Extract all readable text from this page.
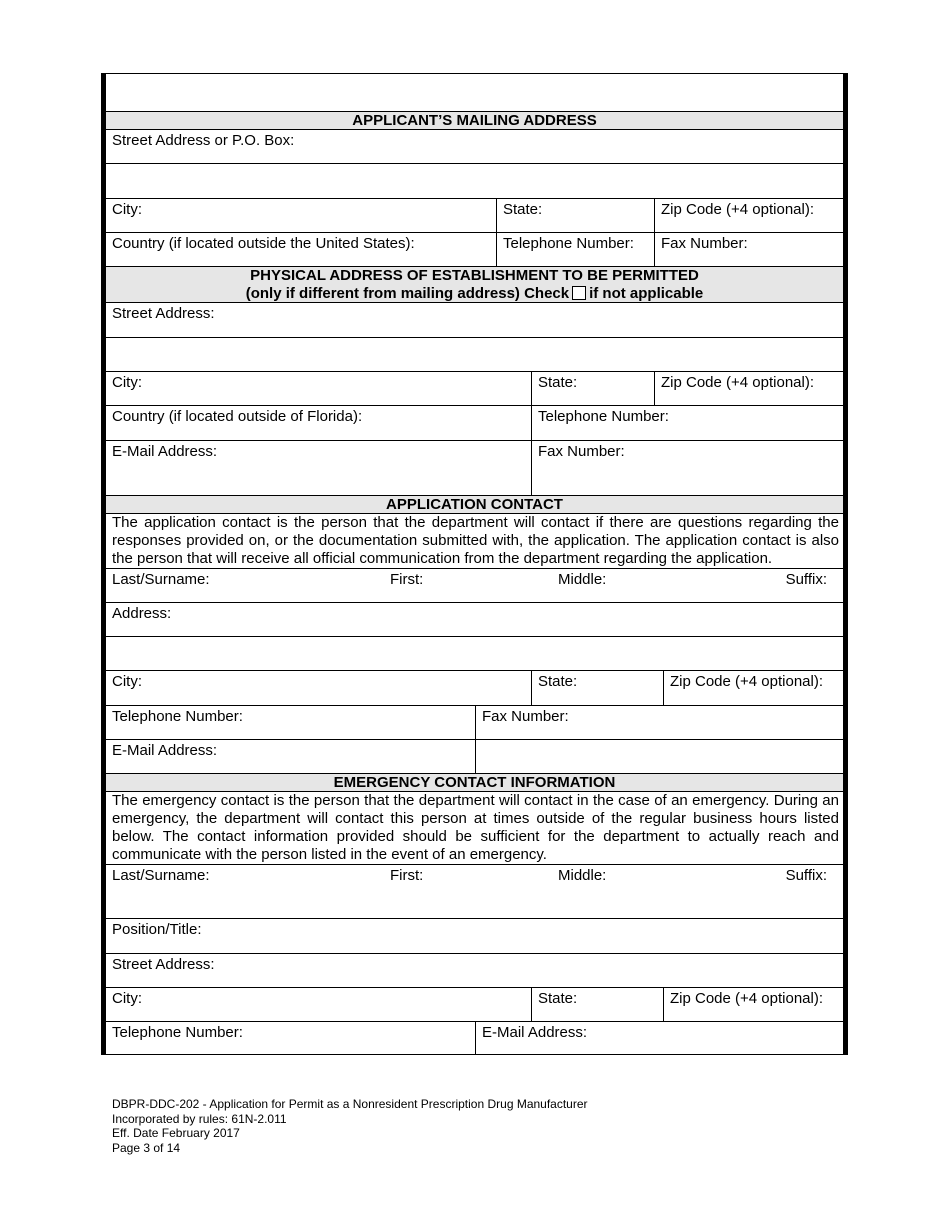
APPLICANT’S MAILING ADDRESS
Street Address or P.O. Box:
City:	State:	Zip Code (+4 optional):
Country (if located outside the United States):	Telephone Number:	Fax Number:
PHYSICAL ADDRESS OF ESTABLISHMENT TO BE PERMITTED
(only if different from mailing address) Check if not applicable
Street Address:
City:	State:	Zip Code (+4 optional):
Country (if located outside of Florida):	Telephone Number:
E-Mail Address:	Fax Number:
APPLICATION CONTACT
The application contact is the person that the department will contact if there are questions regarding the responses provided on, or the documentation submitted with, the application. The application contact is also the person that will receive all official communication from the department regarding the application.
Last/Surname:	First:	Middle:	Suffix:
Address:
City:	State:	Zip Code (+4 optional):
Telephone Number:	Fax Number:
E-Mail Address:
EMERGENCY CONTACT INFORMATION
The emergency contact is the person that the department will contact in the case of an emergency. During an emergency, the department will contact this person at times outside of the regular business hours listed below. The contact information provided should be sufficient for the department to actually reach and communicate with the person listed in the event of an emergency.
Last/Surname:	First:	Middle:	Suffix:
Position/Title:
Street Address:
City:	State:	Zip Code (+4 optional):
Telephone Number:	E-Mail Address:
DBPR-DDC-202 - Application for Permit as a Nonresident Prescription Drug Manufacturer
Incorporated by rules: 61N-2.011
Eff. Date February 2017
Page 3 of 14
